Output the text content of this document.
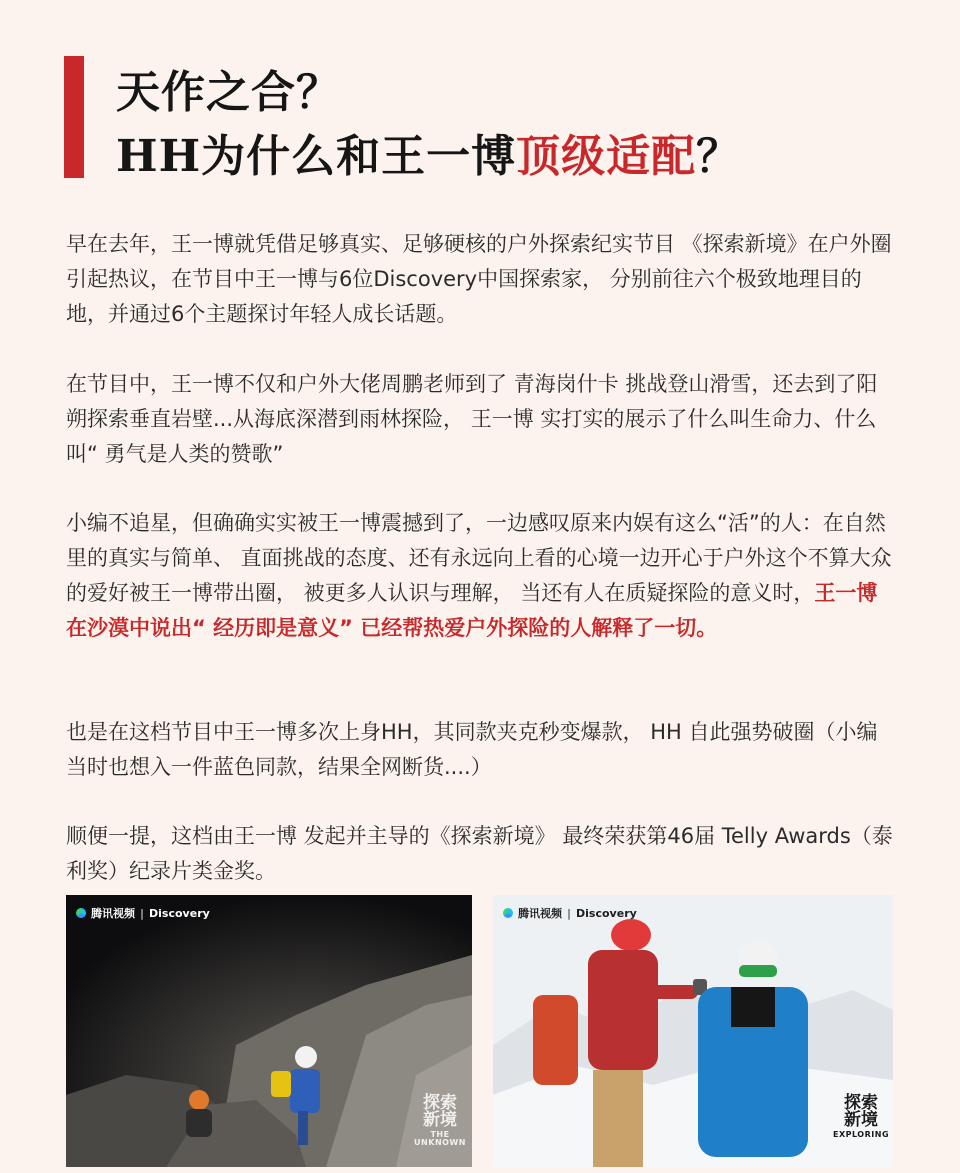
天作之合？
HH为什么和王一博顶级适配？

早在去年，王一博就凭借足够真实、足够硬核的户外探索纪实节目 《探索新境》在户外圈引起热议，在节目中王一博与6位Discovery中国探索家， 分别前往六个极致地理目的地，并通过6个主题探讨年轻人成长话题。

在节目中，王一博不仅和户外大佬周鹏老师到了 青海岗什卡 挑战登山滑雪，还去到了阳朔探索垂直岩壁...从海底深潜到雨林探险， 王一博 实打实的展示了什么叫生命力、什么叫“ 勇气是人类的赞歌”

小编不追星，但确确实实被王一博震撼到了，一边感叹原来内娱有这么“活”的人：在自然里的真实与简单、 直面挑战的态度、还有永远向上看的心境一边开心于户外这个不算大众的爱好被王一博带出圈， 被更多人认识与理解， 当还有人在质疑探险的意义时，王一博在沙漠中说出“ 经历即是意义” 已经帮热爱户外探险的人解释了一切。

也是在这档节目中王一博多次上身HH，其同款夹克秒变爆款， HH 自此强势破圈（小编当时也想入一件蓝色同款，结果全网断货....）

顺便一提，这档由王一博 发起并主导的《探索新境》 最终荣获第46届 Telly Awards（泰利奖）纪录片类金奖。

腾讯视频 | Discovery
探索
新境
THE UNKNOWN
腾讯视频 | Discovery
探索
新境
EXPLORING
